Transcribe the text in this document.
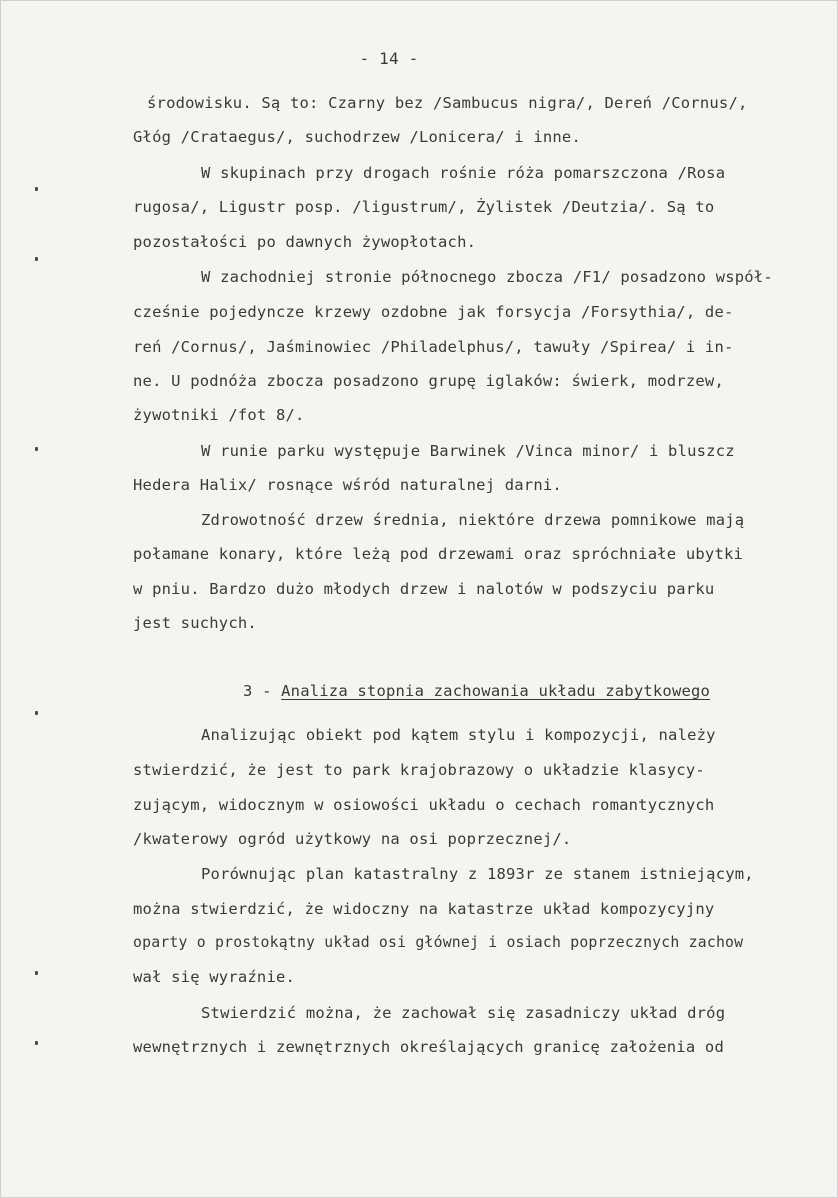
- 14 -
środowisku. Są to: Czarny bez /Sambucus nigra/, Dereń /Cornus/,
Głóg /Crataegus/, suchodrzew /Lonicera/ i inne.
W skupinach przy drogach rośnie róża pomarszczona /Rosa
rugosa/, Ligustr posp. /ligustrum/, Żylistek /Deutzia/. Są to
pozostałości po dawnych żywopłotach.
W zachodniej stronie północnego zbocza /F1/ posadzono współ-
cześnie pojedyncze krzewy ozdobne jak forsycja /Forsythia/, de-
reń /Cornus/, Jaśminowiec /Philadelphus/, tawuły /Spirea/ i in-
ne. U podnóża zbocza posadzono grupę iglaków: świerk, modrzew,
żywotniki /fot 8/.
W runie parku występuje Barwinek /Vinca minor/ i bluszcz
Hedera Halix/ rosnące wśród naturalnej darni.
Zdrowotność drzew średnia, niektóre drzewa pomnikowe mają
połamane konary, które leżą pod drzewami oraz spróchniałe ubytki
w pniu. Bardzo dużo młodych drzew i nalotów w podszyciu parku
jest suchych.
3 - Analiza stopnia zachowania układu zabytkowego
Analizując obiekt pod kątem stylu i kompozycji, należy
stwierdzić, że jest to park krajobrazowy o układzie klasycy-
zującym, widocznym w osiowości układu o cechach romantycznych
/kwaterowy ogród użytkowy na osi poprzecznej/.
Porównując plan katastralny z 1893r ze stanem istniejącym,
można stwierdzić, że widoczny na katastrze układ kompozycyjny
oparty o prostokątny układ osi głównej i osiach poprzecznych zachow
wał się wyraźnie.
Stwierdzić można, że zachował się zasadniczy układ dróg
wewnętrznych i zewnętrznych określających granicę założenia od
